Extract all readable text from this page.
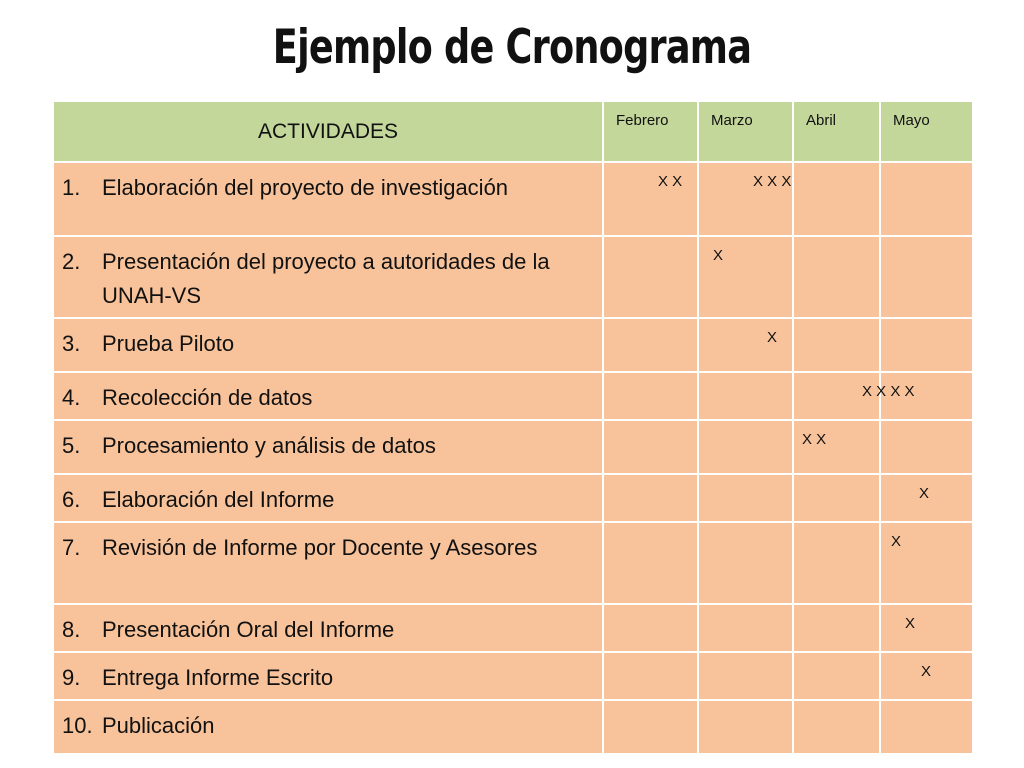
Ejemplo de Cronograma
ACTIVIDADES	Febrero	Marzo	Abril	Mayo

1. Elaboración del proyecto de investigación	X X	X X X		

2. Presentación del proyecto a autoridades de la UNAH-VS		X		

3. Prueba Piloto		X		

4. Recolección de datos			X X X X	

5. Procesamiento y análisis de datos			X X	

6. Elaboración del Informe				X

7. Revisión de Informe por Docente y Asesores				X

8. Presentación Oral del Informe				X

9. Entrega Informe Escrito				X

10. Publicación				
